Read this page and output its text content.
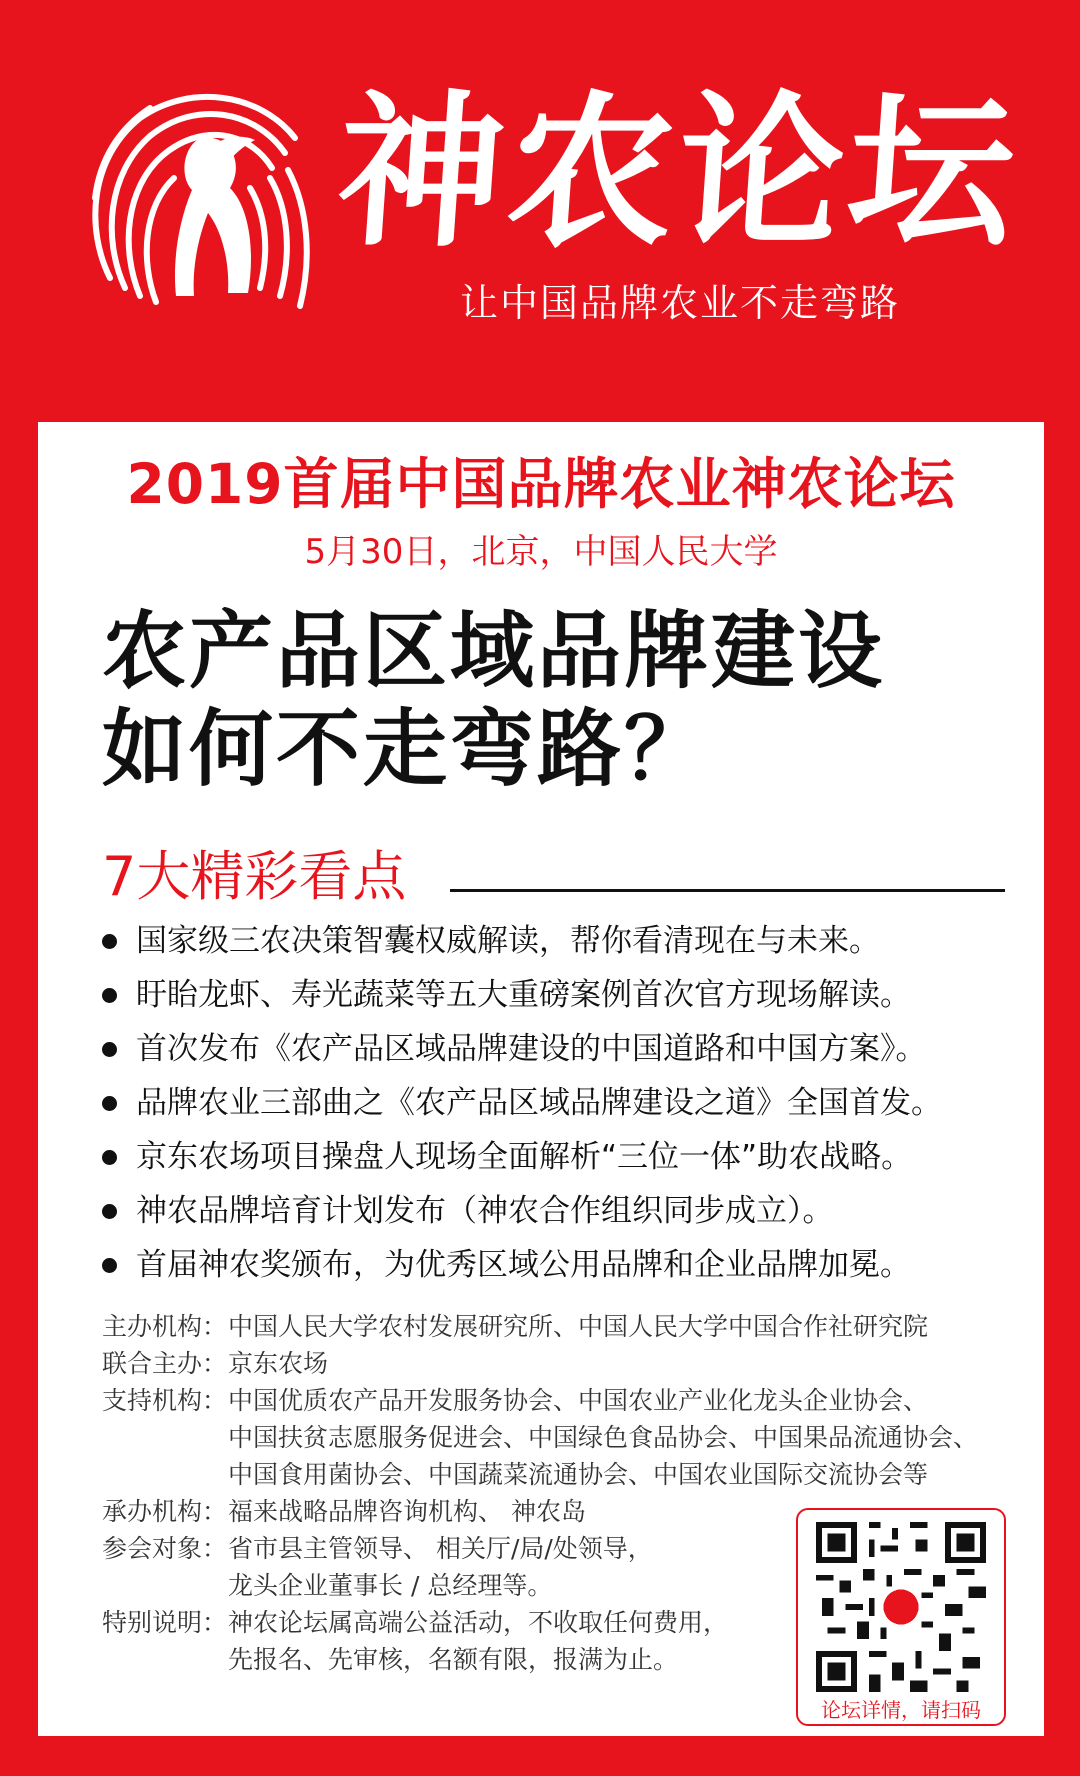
神农论坛
让中国品牌农业不走弯路
2019首届中国品牌农业神农论坛
5月30日，北京，中国人民大学
农产品区域品牌建设
如何不走弯路？
7大精彩看点
国家级三农决策智囊权威解读，帮你看清现在与未来。
盱眙龙虾、寿光蔬菜等五大重磅案例首次官方现场解读。
首次发布《农产品区域品牌建设的中国道路和中国方案》。
品牌农业三部曲之《农产品区域品牌建设之道》全国首发。
京东农场项目操盘人现场全面解析“三位一体”助农战略。
神农品牌培育计划发布（神农合作组织同步成立）。
首届神农奖颁布，为优秀区域公用品牌和企业品牌加冕。
主办机构： 中国人民大学农村发展研究所、中国人民大学中国合作社研究院
联合主办： 京东农场
支持机构： 中国优质农产品开发服务协会、中国农业产业化龙头企业协会、
中国扶贫志愿服务促进会、中国绿色食品协会、中国果品流通协会、
中国食用菌协会、中国蔬菜流通协会、中国农业国际交流协会等
承办机构： 福来战略品牌咨询机构、 神农岛
参会对象： 省市县主管领导、 相关厅/局/处领导，
龙头企业董事长 / 总经理等。
特别说明： 神农论坛属高端公益活动，不收取任何费用，
先报名、先审核，名额有限，报满为止。
论坛详情，请扫码
